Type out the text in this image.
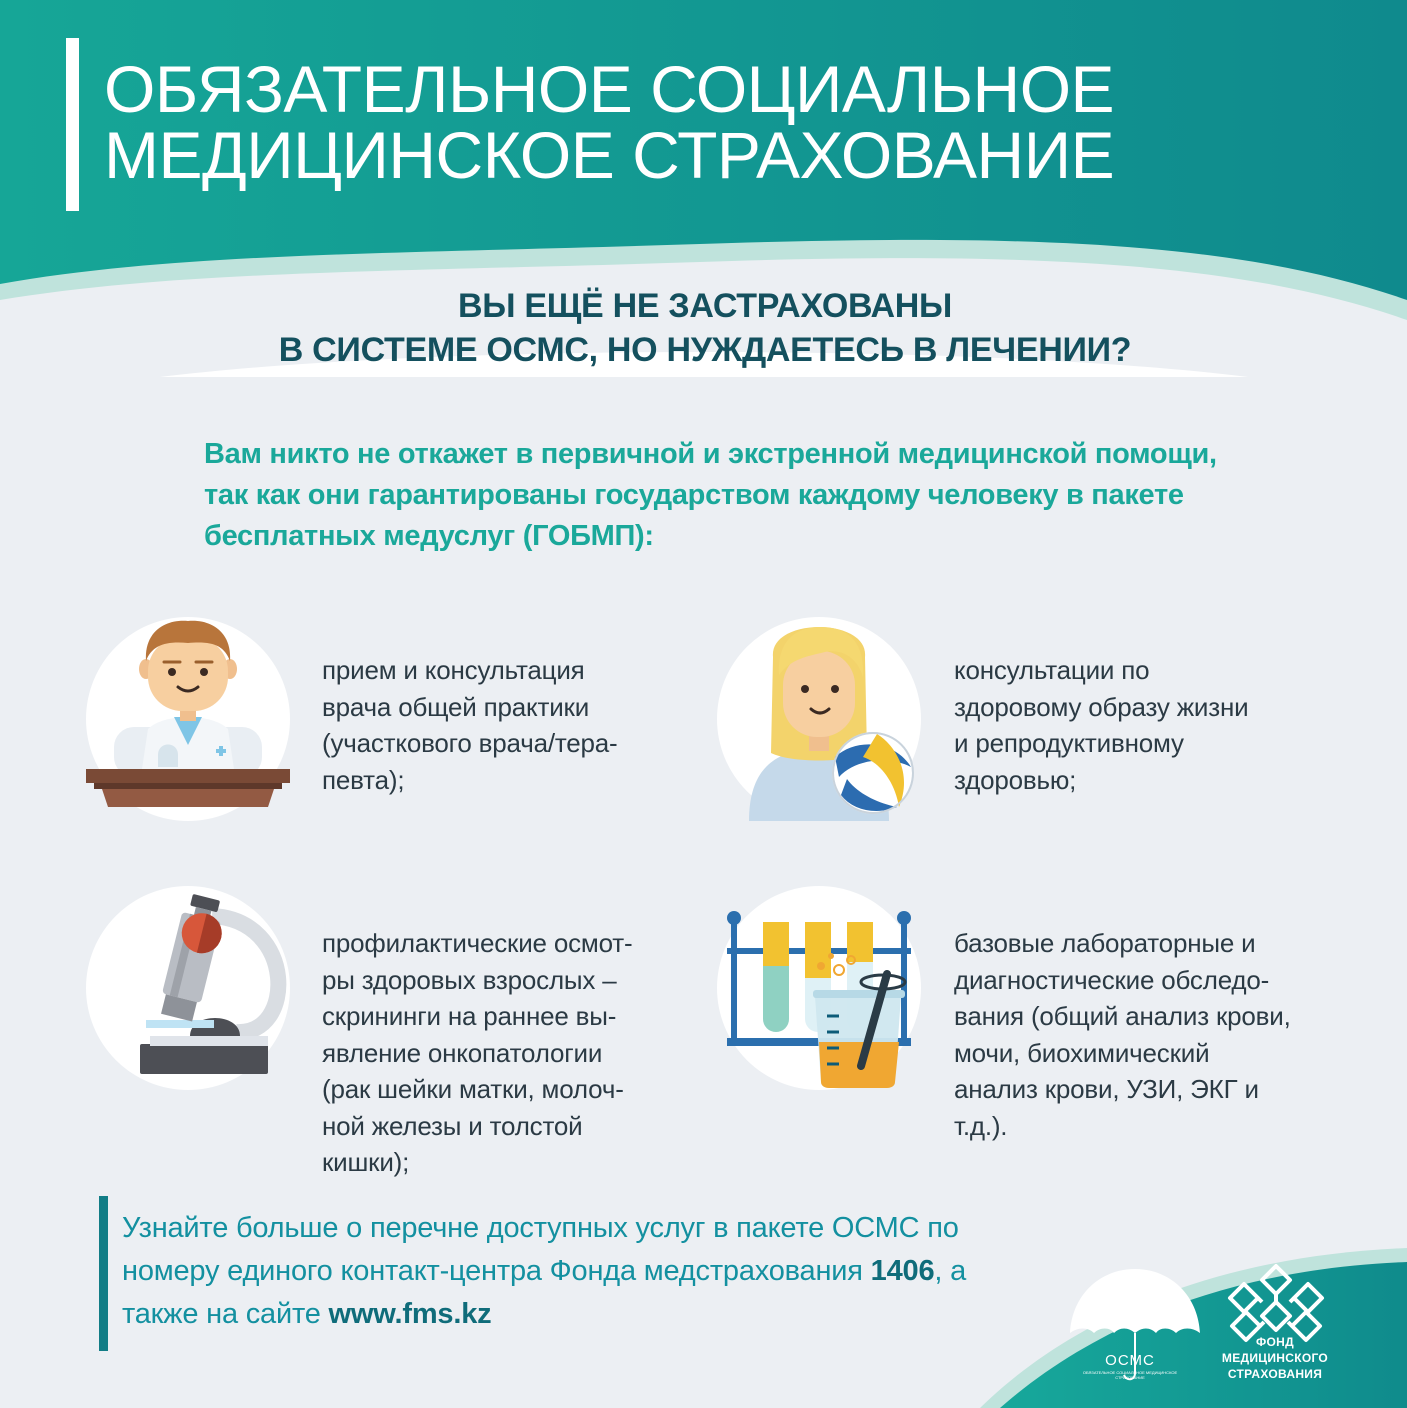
ОБЯЗАТЕЛЬНОЕ СОЦИАЛЬНОЕ
МЕДИЦИНСКОЕ СТРАХОВАНИЕ
ВЫ ЕЩЁ НЕ ЗАСТРАХОВАНЫ
В СИСТЕМЕ ОСМС, НО НУЖДАЕТЕСЬ В ЛЕЧЕНИИ?

Вам никто не откажет в первичной и экстренной медицинской помощи, так как они гарантированы государством каждому человеку в пакете бесплатных медуслуг (ГОБМП):

прием и консультация
врача общей практики
(участкового врача/тера-
певта);

консультации по
здоровому образу жизни
и репродуктивному
здоровью;

профилактические осмот-
ры здоровых взрослых –
скрининги на раннее вы-
явление онкопатологии
(рак шейки матки, молоч-
ной железы и толстой
кишки);

базовые лабораторные и
диагностические обследо-
вания (общий анализ крови,
мочи, биохимический
анализ крови, УЗИ, ЭКГ и
т.д.).

Узнайте больше о перечне доступных услуг в пакете ОСМС по номеру единого контакт-центра Фонда медстрахования 1406, а также на сайте www.fms.kz

ОСМС
ОБЯЗАТЕЛЬНОЕ СОЦИАЛЬНОЕ МЕДИЦИНСКОЕ СТРАХОВАНИЕ
ФОНД
МЕДИЦИНСКОГО
СТРАХОВАНИЯ
